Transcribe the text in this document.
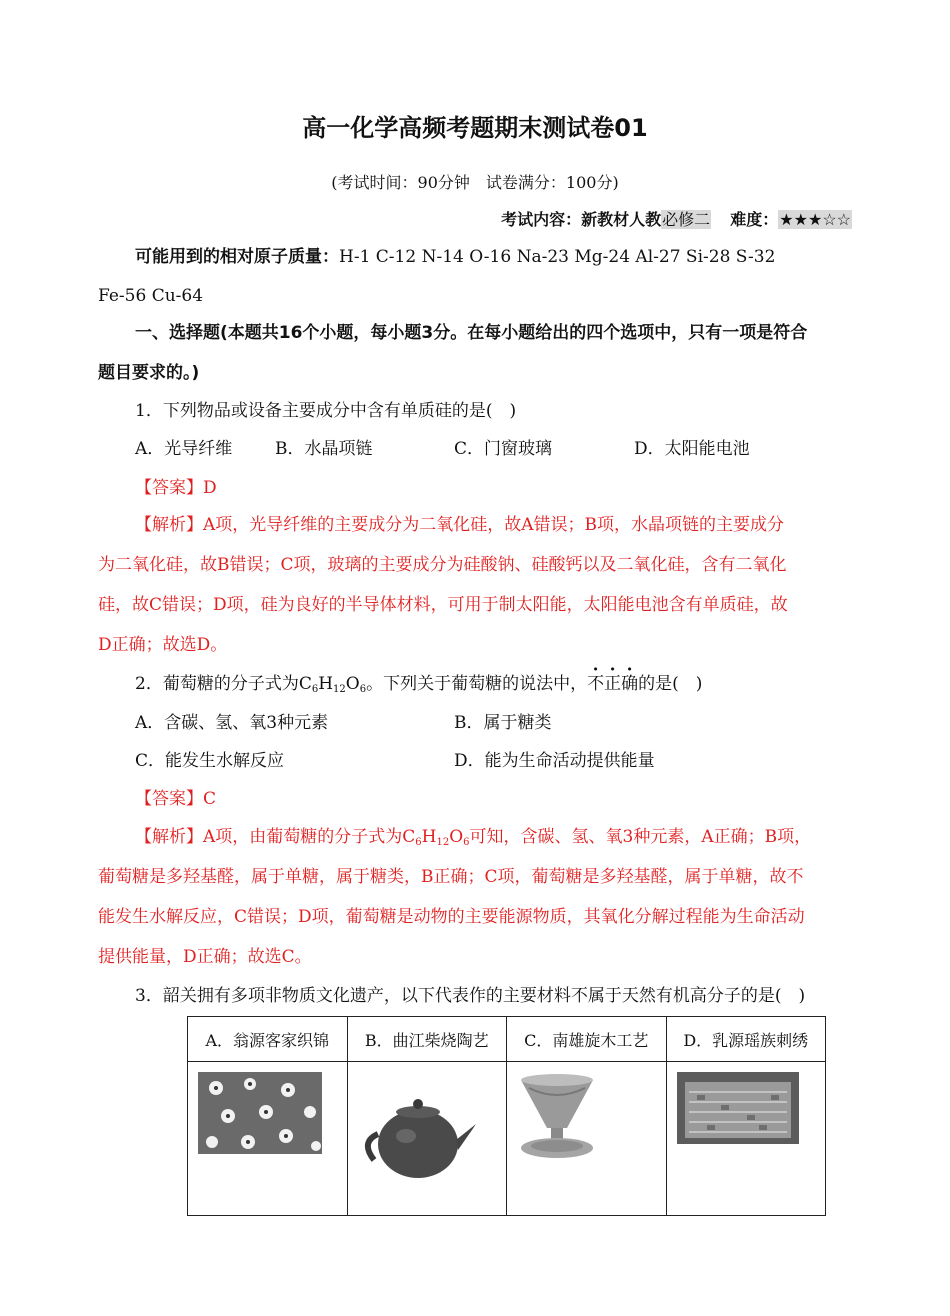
高一化学高频考题期末测试卷01
(考试时间：90分钟　试卷满分：100分)
考试内容：新教材人教必修二 难度：★★★☆☆
可能用到的相对原子质量：H-1 C-12 N-14 O-16 Na-23 Mg-24 Al-27 Si-28 S-32
Fe-56 Cu-64
一、选择题(本题共16个小题，每小题3分。在每小题给出的四个选项中，只有一项是符合
题目要求的。)
1．下列物品或设备主要成分中含有单质硅的是(　)
A．光导纤维	B．水晶项链	C．门窗玻璃	D．太阳能电池
【答案】D
【解析】A项，光导纤维的主要成分为二氧化硅，故A错误；B项，水晶项链的主要成分
为二氧化硅，故B错误；C项，玻璃的主要成分为硅酸钠、硅酸钙以及二氧化硅，含有二氧化
硅，故C错误；D项，硅为良好的半导体材料，可用于制太阳能，太阳能电池含有单质硅，故
D正确；故选D。
2．葡萄糖的分子式为$C_6H_{12}O_6$。下列关于葡萄糖的说法中，不正确的是(　)
A．含碳、氢、氧3种元素	B．属于糖类
C．能发生水解反应	D．能为生命活动提供能量
【答案】C
【解析】A项，由葡萄糖的分子式为$C_6H_{12}O_6$可知，含碳、氢、氧3种元素，A正确；B项，
葡萄糖是多羟基醛，属于单糖，属于糖类，B正确；C项，葡萄糖是多羟基醛，属于单糖，故不
能发生水解反应，C错误；D项，葡萄糖是动物的主要能源物质，其氧化分解过程能为生命活动
提供能量，D正确；故选C。
3．韶关拥有多项非物质文化遗产，以下代表作的主要材料不属于天然有机高分子的是(　)
A．翁源客家织锦	B．曲江柴烧陶艺	C．南雄旋木工艺	D．乳源瑶族刺绣
